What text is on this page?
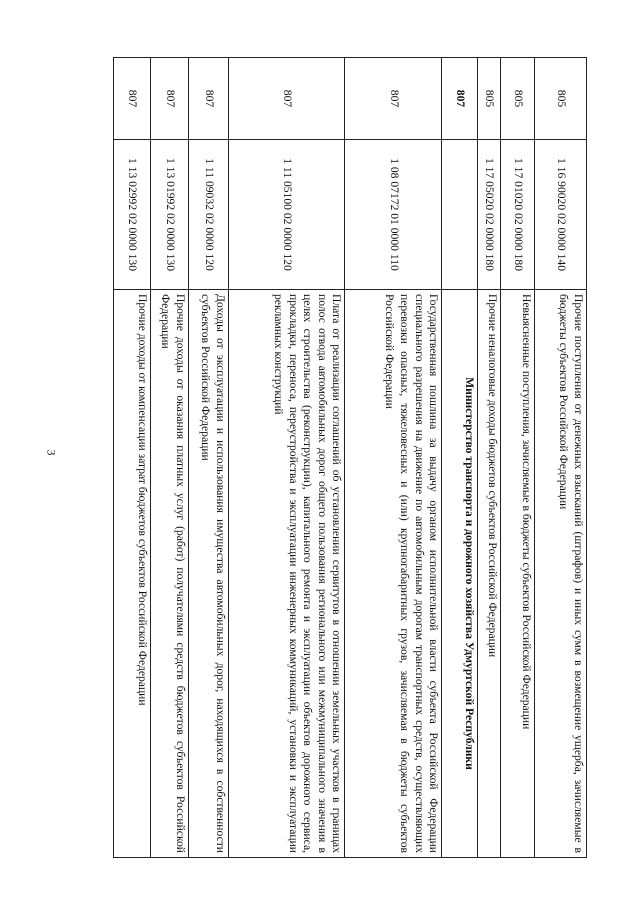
3
805	1 16 90020 02 0000 140	Прочие поступления от денежных взысканий (штрафов) и иных сумм в возмещение ущерба, зачисляемые в бюджеты субъектов Российской Федерации
805	1 17 01020 02 0000 180	Невыясненные поступления, зачисляемые в бюджеты субъектов Российской Федерации
805	1 17 05020 02 0000 180	Прочие неналоговые доходы бюджетов субъектов Российской Федерации
807		Министерство транспорта и дорожного хозяйства Удмуртской Республики
807	1 08 07172 01 0000 110	Государственная пошлина за выдачу органом исполнительной власти субъекта Российской Федерации специального разрешения на движение по автомобильным дорогам транспортных средств, осуществляющих перевозки опасных, тяжеловесных и (или) крупногабаритных грузов, зачисляемая в бюджеты субъектов Российской Федерации
807	1 11 05100 02 0000 120	Плата от реализации соглашений об установлении сервитутов в отношении земельных участков в границах полос отвода автомобильных дорог общего пользования регионального или межмуниципального значения в целях строительства (реконструкции), капитального ремонта и эксплуатации объектов дорожного сервиса, прокладки, переноса, переустройства и эксплуатации инженерных коммуникаций, установки и эксплуатации рекламных конструкций
807	1 11 09032 02 0000 120	Доходы от эксплуатации и использования имущества автомобильных дорог, находящихся в собственности субъектов Российской Федерации
807	1 13 01992 02 0000 130	Прочие доходы от оказания платных услуг (работ) получателями средств бюджетов субъектов Российской Федерации
807	1 13 02992 02 0000 130	Прочие доходы от компенсации затрат бюджетов субъектов Российской Федерации
